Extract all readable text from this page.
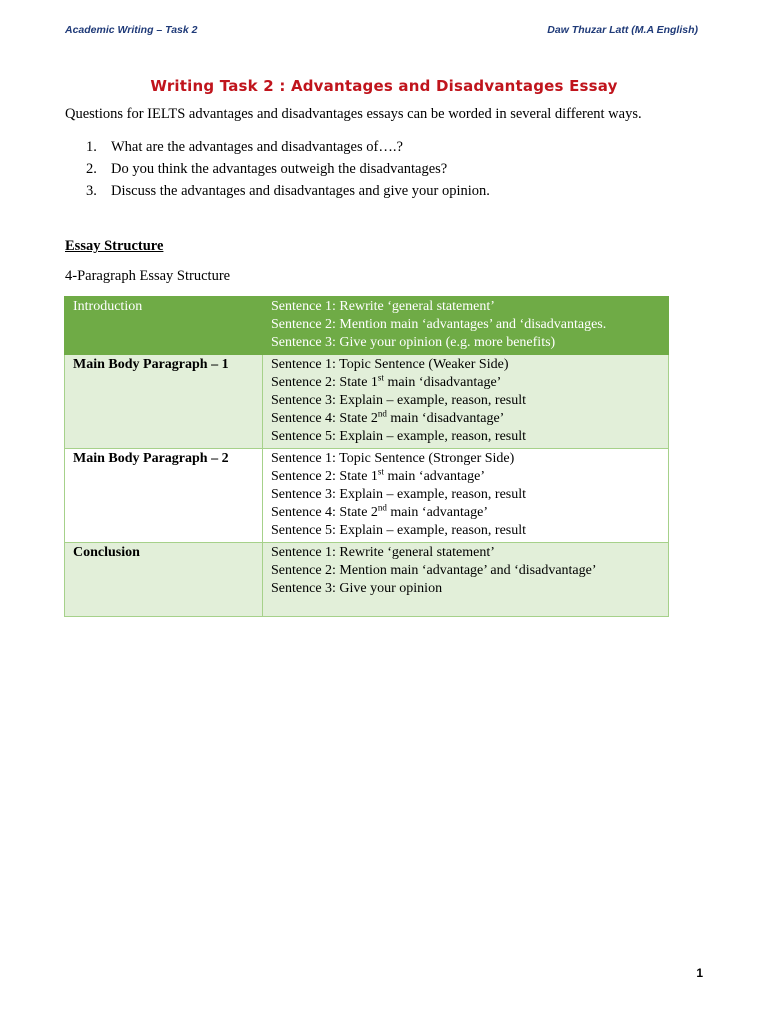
Academic Writing – Task 2	Daw Thuzar Latt (M.A English)
Writing Task 2 : Advantages and Disadvantages Essay
Questions for IELTS advantages and disadvantages essays can be worded in several different ways.
1. What are the advantages and disadvantages of….?
2. Do you think the advantages outweigh the disadvantages?
3. Discuss the advantages and disadvantages and give your opinion.
Essay Structure
4-Paragraph Essay Structure
Introduction	Sentence 1: Rewrite ‘general statement’
Sentence 2: Mention main ‘advantages’ and ‘disadvantages.
Sentence 3: Give your opinion (e.g. more benefits)

Main Body Paragraph – 1	Sentence 1: Topic Sentence (Weaker Side)
Sentence 2: State 1st main ‘disadvantage’
Sentence 3: Explain – example, reason, result
Sentence 4: State 2nd main ‘disadvantage’
Sentence 5: Explain – example, reason, result

Main Body Paragraph – 2	Sentence 1: Topic Sentence (Stronger Side)
Sentence 2: State 1st main ‘advantage’
Sentence 3: Explain – example, reason, result
Sentence 4: State 2nd main ‘advantage’
Sentence 5: Explain – example, reason, result

Conclusion	Sentence 1: Rewrite ‘general statement’
Sentence 2: Mention main ‘advantage’ and ‘disadvantage’
Sentence 3: Give your opinion
1
